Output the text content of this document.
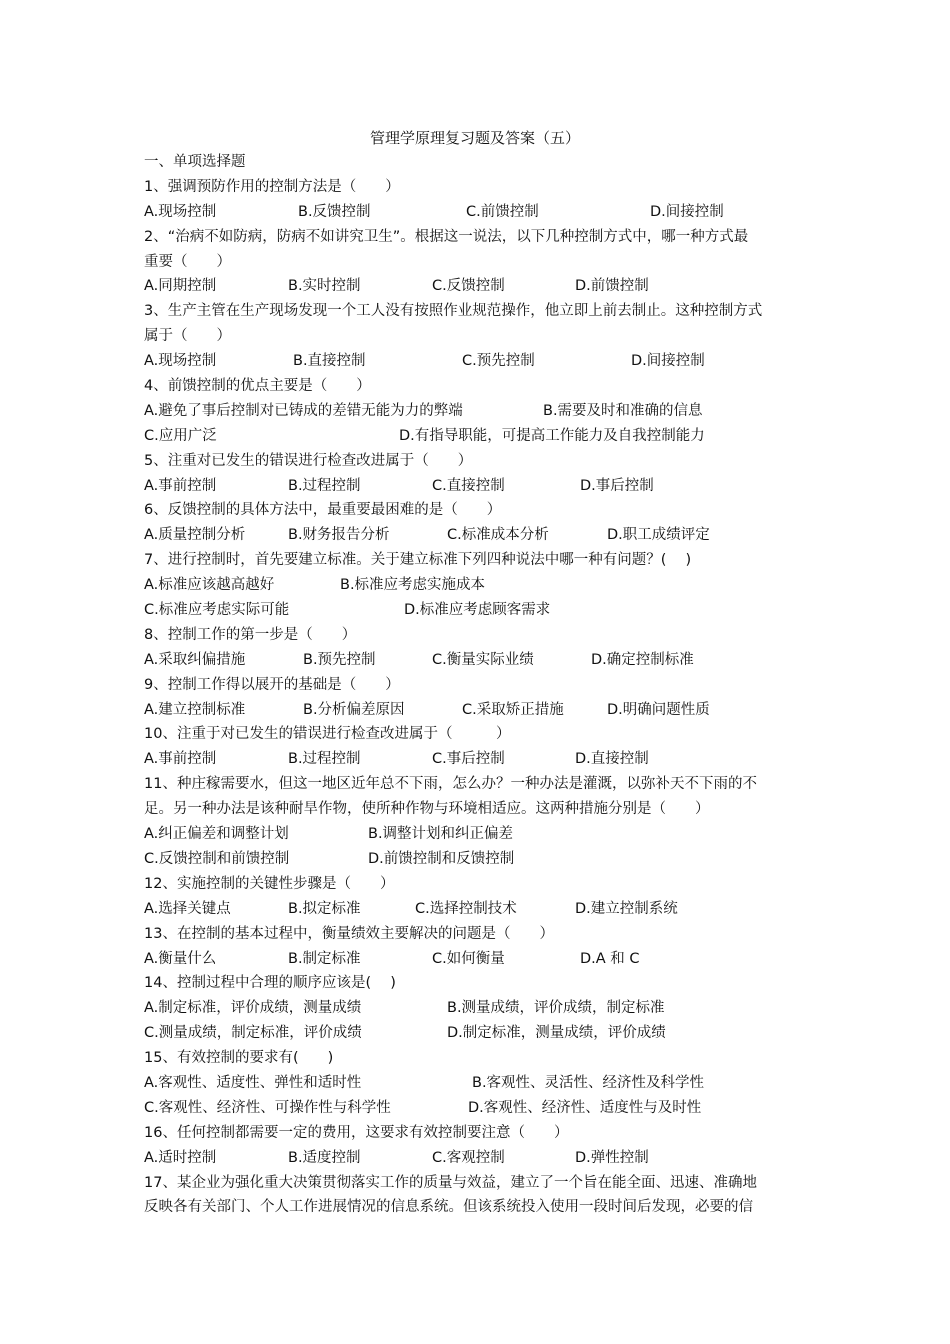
管理学原理复习题及答案（五）
一、单项选择题
1、强调预防作用的控制方法是（　　）
A.现场控制	B.反馈控制	C.前馈控制	D.间接控制
2、“治病不如防病，防病不如讲究卫生”。根据这一说法，以下几种控制方式中，哪一种方式最
重要（　　）
A.同期控制	B.实时控制	C.反馈控制	D.前馈控制
3、生产主管在生产现场发现一个工人没有按照作业规范操作，他立即上前去制止。这种控制方式
属于（　　）
A.现场控制	B.直接控制	C.预先控制	D.间接控制
4、前馈控制的优点主要是（　　）
A.避免了事后控制对已铸成的差错无能为力的弊端	B.需要及时和准确的信息
C.应用广泛	D.有指导职能，可提高工作能力及自我控制能力
5、注重对已发生的错误进行检查改进属于（　　）
A.事前控制	B.过程控制	C.直接控制	D.事后控制
6、反馈控制的具体方法中，最重要最困难的是（　　）
A.质量控制分析	B.财务报告分析	C.标准成本分析	D.职工成绩评定
7、进行控制时，首先要建立标准。关于建立标准下列四种说法中哪一种有问题？(　 )
A.标准应该越高越好	B.标准应考虑实施成本
C.标准应考虑实际可能	D.标准应考虑顾客需求
8、控制工作的第一步是（　　）
A.采取纠偏措施	B.预先控制	C.衡量实际业绩	D.确定控制标准
9、控制工作得以展开的基础是（　　）
A.建立控制标准	B.分析偏差原因	C.采取矫正措施	D.明确问题性质
10、注重于对已发生的错误进行检查改进属于（　　　）
A.事前控制	B.过程控制	C.事后控制	D.直接控制
11、种庄稼需要水，但这一地区近年总不下雨，怎么办？一种办法是灌溉，以弥补天不下雨的不
足。另一种办法是该种耐旱作物，使所种作物与环境相适应。这两种措施分别是（　　）
A.纠正偏差和调整计划	B.调整计划和纠正偏差
C.反馈控制和前馈控制	D.前馈控制和反馈控制
12、实施控制的关键性步骤是（　　）
A.选择关键点	B.拟定标准	C.选择控制技术	D.建立控制系统
13、在控制的基本过程中，衡量绩效主要解决的问题是（　　）
A.衡量什么	B.制定标准	C.如何衡量	D.A 和 C
14、控制过程中合理的顺序应该是(　 )
A.制定标准，评价成绩，测量成绩	B.测量成绩，评价成绩，制定标准
C.测量成绩，制定标准，评价成绩	D.制定标准，测量成绩，评价成绩
15、有效控制的要求有(　　)
A.客观性、适度性、弹性和适时性	B.客观性、灵活性、经济性及科学性
C.客观性、经济性、可操作性与科学性	D.客观性、经济性、适度性与及时性
16、任何控制都需要一定的费用，这要求有效控制要注意（　　）
A.适时控制	B.适度控制	C.客观控制	D.弹性控制
17、某企业为强化重大决策贯彻落实工作的质量与效益，建立了一个旨在能全面、迅速、准确地
反映各有关部门、个人工作进展情况的信息系统。但该系统投入使用一段时间后发现，必要的信
